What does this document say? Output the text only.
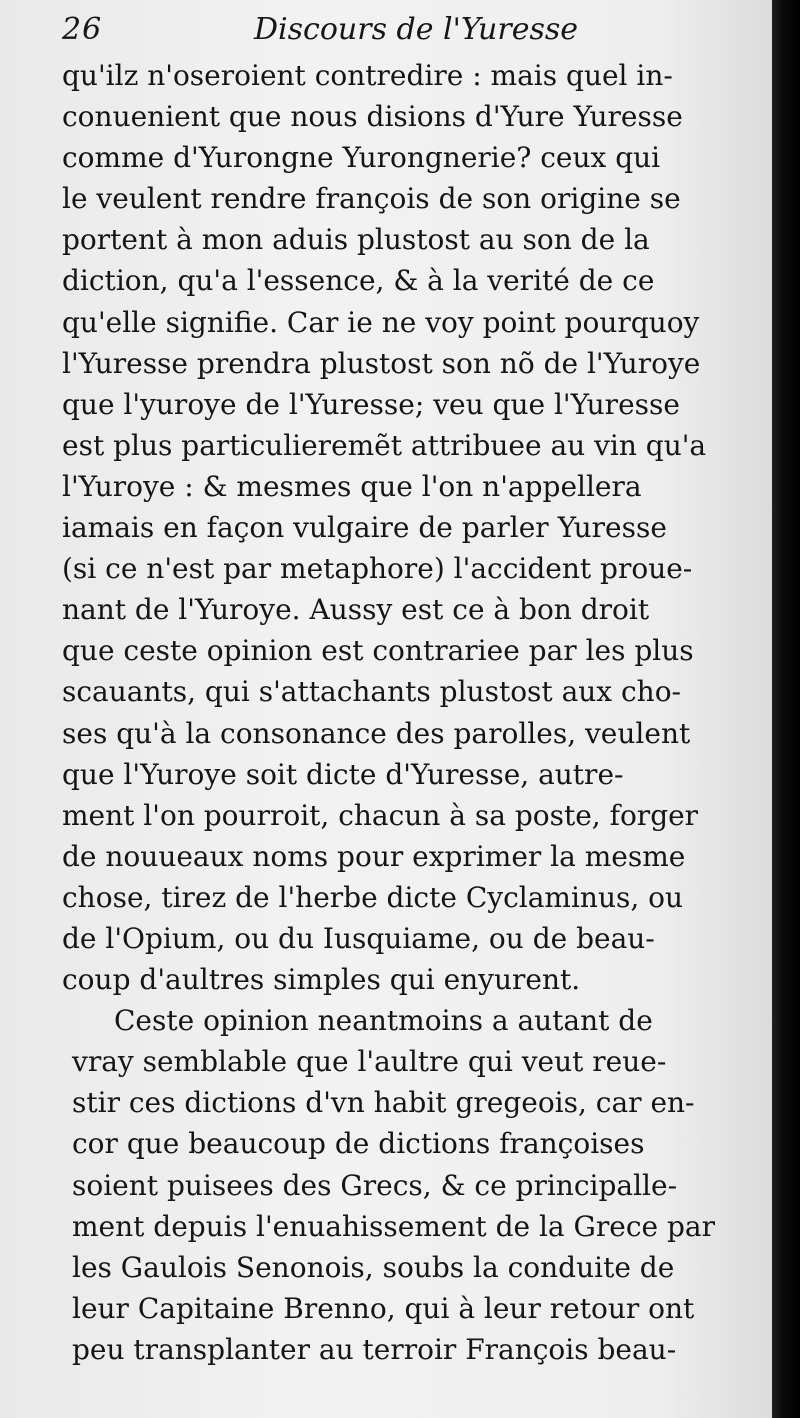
26	Discours de l'Yuresse
qu'ilz n'oseroient contredire : mais quel in-
conuenient que nous disions d'Yure Yuresse
comme d'Yurongne Yurongnerie? ceux qui
le veulent rendre françois de son origine se
portent à mon aduis plustost au son de la
diction, qu'a l'essence, & à la verité de ce
qu'elle signifie. Car ie ne voy point pourquoy
l'Yuresse prendra plustost son nõ de l'Yuroye
que l'yuroye de l'Yuresse; veu que l'Yuresse
est plus particulieremẽt attribuee au vin qu'a
l'Yuroye : & mesmes que l'on n'appellera
iamais en façon vulgaire de parler Yuresse
(si ce n'est par metaphore) l'accident proue-
nant de l'Yuroye. Aussy est ce à bon droit
que ceste opinion est contrariee par les plus
scauants, qui s'attachants plustost aux cho-
ses qu'à la consonance des parolles, veulent
que l'Yuroye soit dicte d'Yuresse, autre-
ment l'on pourroit, chacun à sa poste, forger
de nouueaux noms pour exprimer la mesme
chose, tirez de l'herbe dicte Cyclaminus, ou
de l'Opium, ou du Iusquiame, ou de beau-
coup d'aultres simples qui enyurent.
Ceste opinion neantmoins a autant de
vray semblable que l'aultre qui veut reue-
stir ces dictions d'vn habit gregeois, car en-
cor que beaucoup de dictions françoises
soient puisees des Grecs, & ce principalle-
ment depuis l'enuahissement de la Grece par
les Gaulois Senonois, soubs la conduite de
leur Capitaine Brenno, qui à leur retour ont
peu transplanter au terroir François beau-
